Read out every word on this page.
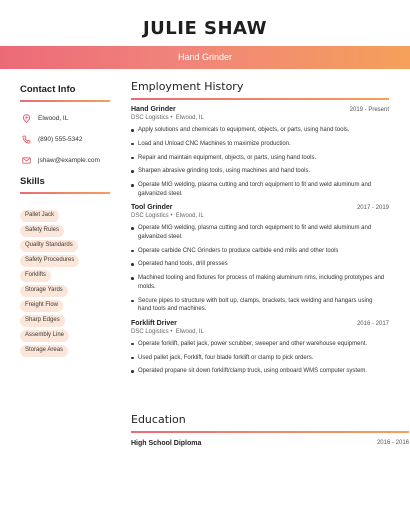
JULIE SHAW
Hand Grinder
Contact Info
Elwood, IL
(890) 555-5342
jshaw@example.com
Skills
Pallet Jack
Safety Rules
Quality Standards
Safety Procedures
Forklifts
Storage Yards
Freight Flow
Sharp Edges
Assembly Line
Storage Areas
Employment History
Hand Grinder	2019 - Present
DSC Logistics •  Elwood, IL
Apply solutions and chemicals to equipment, objects, or parts, using hand tools.
Load and Unload CNC Machines to maximize production.
Repair and maintain equipment, objects, or parts, using hand tools.
Sharpen abrasive grinding tools, using machines and hand tools.
Operate MIG welding, plasma cutting and torch equipment to fit and weld aluminum and galvanized steel.
Tool Grinder	2017 - 2019
DSC Logistics •  Elwood, IL
Operate MIG welding, plasma cutting and torch equipment to fit and weld aluminum and galvanized steel.
Operate carbide CNC Grinders to produce carbide end mills and other tools
Operated hand tools, drill presses
Machined tooling and fixtures for process of making aluminum rims, including prototypes and molds.
Secure pipes to structure with bolt up, clamps, brackets, tack welding and hangars using hand tools and machines.
Forklift Driver	2016 - 2017
DSC Logistics •  Elwood, IL
Operate forklift, pallet jack, power scrubber, sweeper and other warehouse equipment.
Used pallet jack, Forklift, four blade forklift or clamp to pick orders.
Operated propane sit down forklift/clamp truck, using onboard WMS computer system.
Education
High School Diploma	2016 - 2016
